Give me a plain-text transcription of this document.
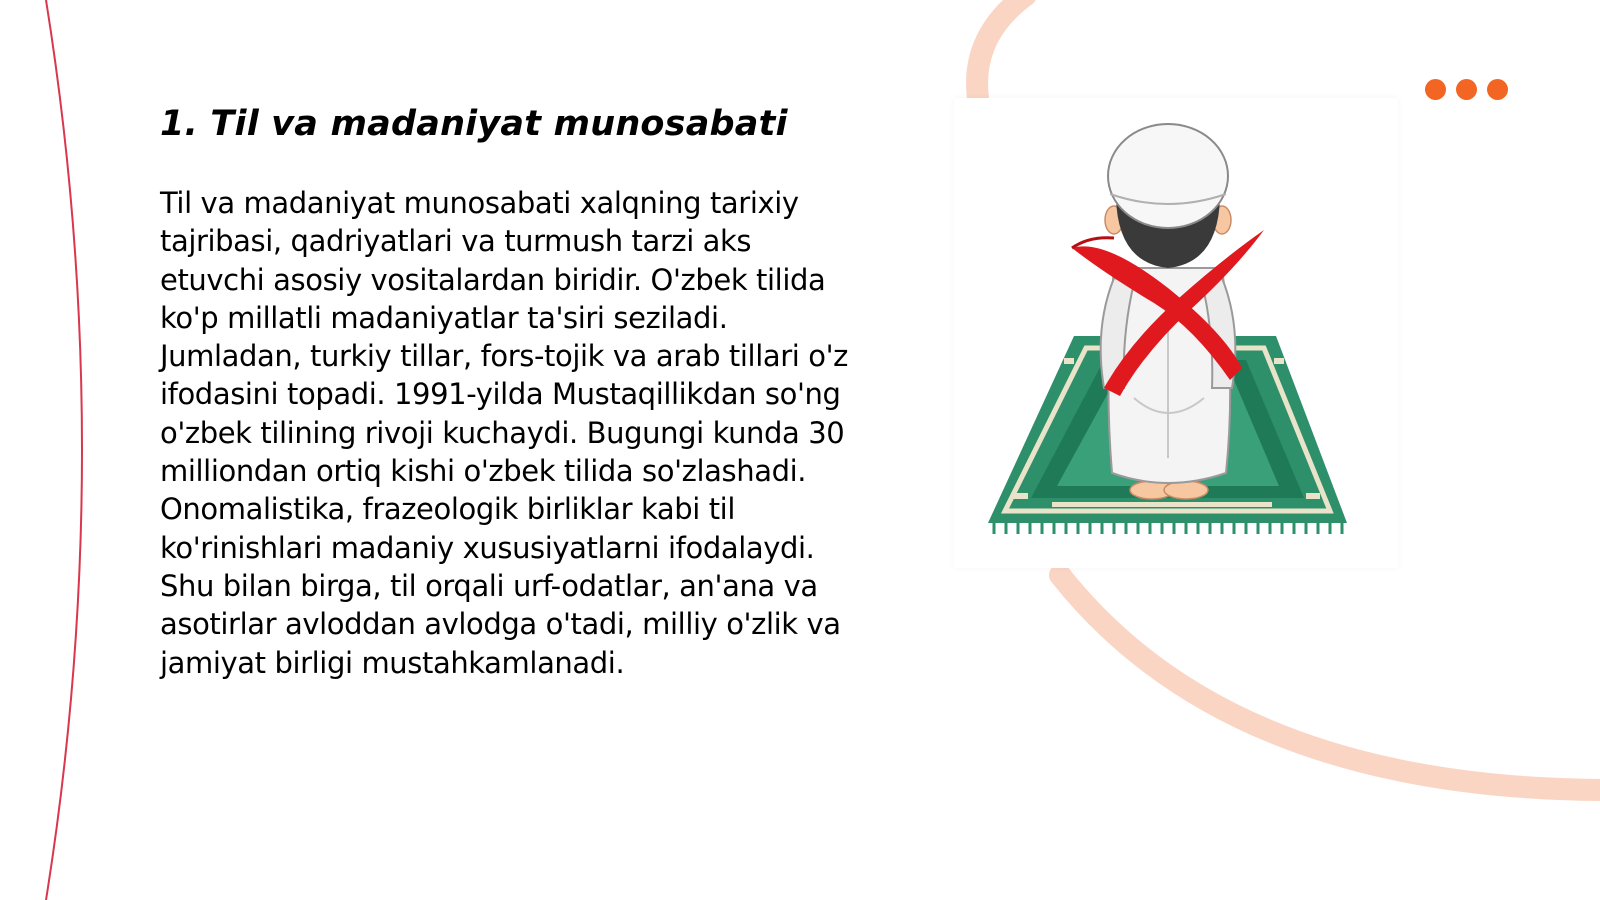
1. Til va madaniyat munosabati

Til va madaniyat munosabati xalqning tarixiy tajribasi, qadriyatlari va turmush tarzi aks etuvchi asosiy vositalardan biridir. O'zbek tilida ko'p millatli madaniyatlar ta'siri seziladi. Jumladan, turkiy tillar, fors-tojik va arab tillari o'z ifodasini topadi. 1991-yilda Mustaqillikdan so'ng o'zbek tilining rivoji kuchaydi. Bugungi kunda 30 milliondan ortiq kishi o'zbek tilida so'zlashadi. Onomalistika, frazeologik birliklar kabi til ko'rinishlari madaniy xususiyatlarni ifodalaydi. Shu bilan birga, til orqali urf-odatlar, an'ana va asotirlar avloddan avlodga o'tadi, milliy o'zlik va jamiyat birligi mustahkamlanadi.
